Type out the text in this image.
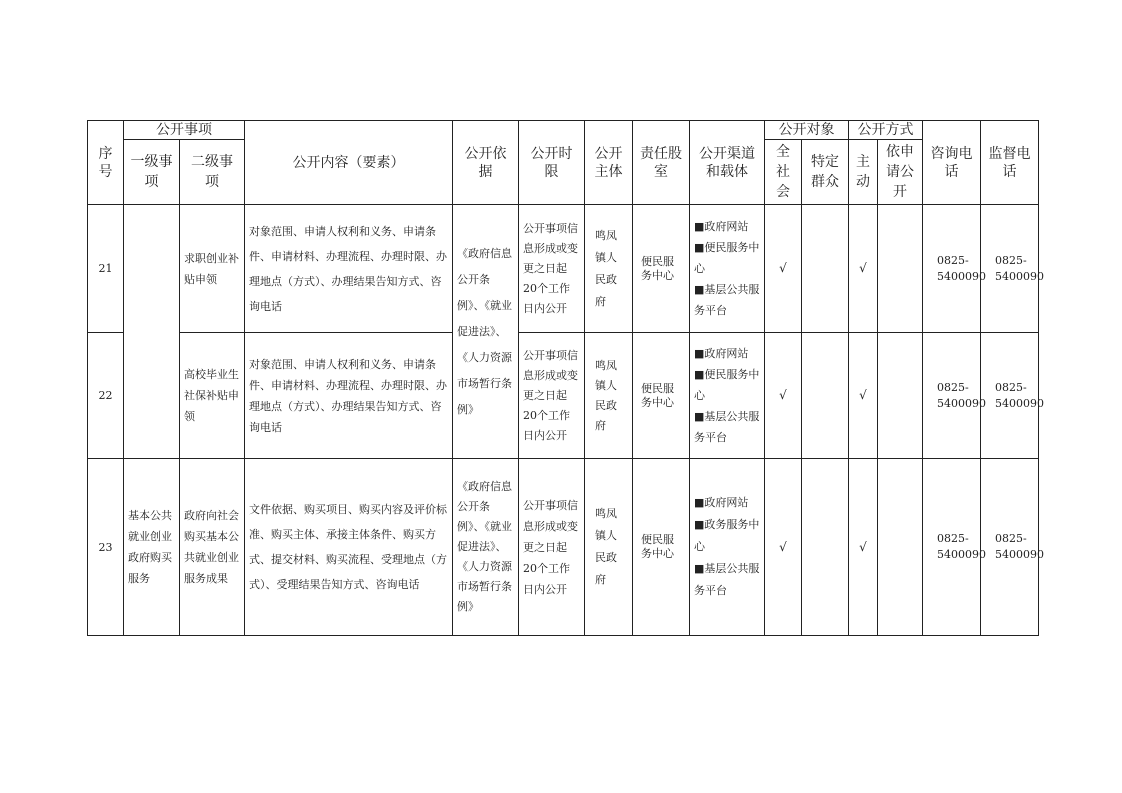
序号	公开事项		公开内容（要素）	公开依据	公开时限	公开主体	责任股室	公开渠道和载体	公开对象		公开方式		咨询电话	监督电话
	一级事项	二级事项							全社会	特定群众	主动	依申请公开		
21		求职创业补贴申领	对象范围、申请人权利和义务、申请条件、申请材料、办理流程、办理时限、办理地点（方式）、办理结果告知方式、咨询电话	《政府信息公开条例》、《就业促进法》、《人力资源市场暂行条例》	公开事项信息形成或变更之日起20个工作日内公开	鸣凤镇人民政府	便民服务中心	■政府网站
■便民服务中心
■基层公共服务平台	√		√		0825-5400090	0825-5400090
22		高校毕业生社保补贴申领	对象范围、申请人权利和义务、申请条件、申请材料、办理流程、办理时限、办理地点（方式）、办理结果告知方式、咨询电话		公开事项信息形成或变更之日起20个工作日内公开	鸣凤镇人民政府	便民服务中心	■政府网站
■便民服务中心
■基层公共服务平台	√		√		0825-5400090	0825-5400090
23	基本公共就业创业政府购买服务	政府向社会购买基本公共就业创业服务成果	文件依据、购买项目、购买内容及评价标准、购买主体、承接主体条件、购买方式、提交材料、购买流程、受理地点（方式）、受理结果告知方式、咨询电话	《政府信息公开条例》、《就业促进法》、《人力资源市场暂行条例》	公开事项信息形成或变更之日起20个工作日内公开	鸣凤镇人民政府	便民服务中心	■政府网站
■政务服务中心
■基层公共服务平台	√		√		0825-5400090	0825-5400090
